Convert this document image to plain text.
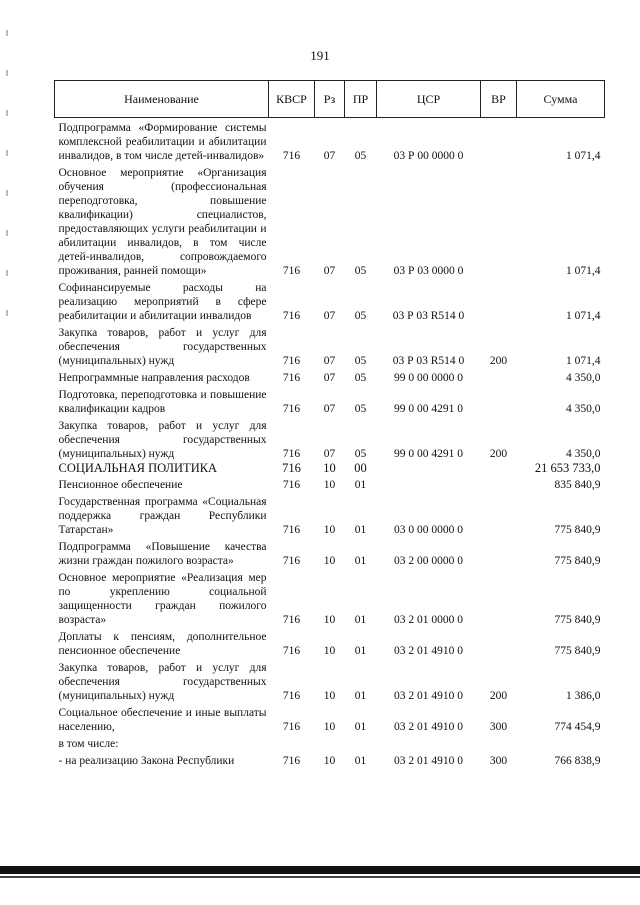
191
Наименование	КВСР	Рз	ПР	ЦСР	ВР	Сумма

Подпрограмма «Формирование системы комплексной реабилитации и абилитации инвалидов, в том числе детей-инвалидов»	716	07	05	03 Р 00 0000 0		1 071,4

Основное мероприятие «Организация обучения (профессиональная переподготовка, повышение квалификации) специалистов, предоставляющих услуги реабилитации и абилитации инвалидов, в том числе детей-инвалидов, сопровождаемого проживания, ранней помощи»	716	07	05	03 Р 03 0000 0		1 071,4

Софинансируемые расходы на реализацию мероприятий в сфере реабилитации и абилитации инвалидов	716	07	05	03 Р 03 R514 0		1 071,4

Закупка товаров, работ и услуг для обеспечения государственных (муниципальных) нужд	716	07	05	03 Р 03 R514 0	200	1 071,4

Непрограммные направления расходов	716	07	05	99 0 00 0000 0		4 350,0

Подготовка, переподготовка и повышение квалификации кадров	716	07	05	99 0 00 4291 0		4 350,0

Закупка товаров, работ и услуг для обеспечения государственных (муниципальных) нужд	716	07	05	99 0 00 4291 0	200	4 350,0

СОЦИАЛЬНАЯ ПОЛИТИКА	716	10	00			21 653 733,0

Пенсионное обеспечение	716	10	01			835 840,9

Государственная программа «Социальная поддержка граждан Республики Татарстан»	716	10	01	03 0 00 0000 0		775 840,9

Подпрограмма «Повышение качества жизни граждан пожилого возраста»	716	10	01	03 2 00 0000 0		775 840,9

Основное мероприятие «Реализация мер по укреплению социальной защищенности граждан пожилого возраста»	716	10	01	03 2 01 0000 0		775 840,9

Доплаты к пенсиям, дополнительное пенсионное обеспечение	716	10	01	03 2 01 4910 0		775 840,9

Закупка товаров, работ и услуг для обеспечения государственных (муниципальных) нужд	716	10	01	03 2 01 4910 0	200	1 386,0

Социальное обеспечение и иные выплаты населению,	716	10	01	03 2 01 4910 0	300	774 454,9

в том числе:						

- на реализацию Закона Республики	716	10	01	03 2 01 4910 0	300	766 838,9
